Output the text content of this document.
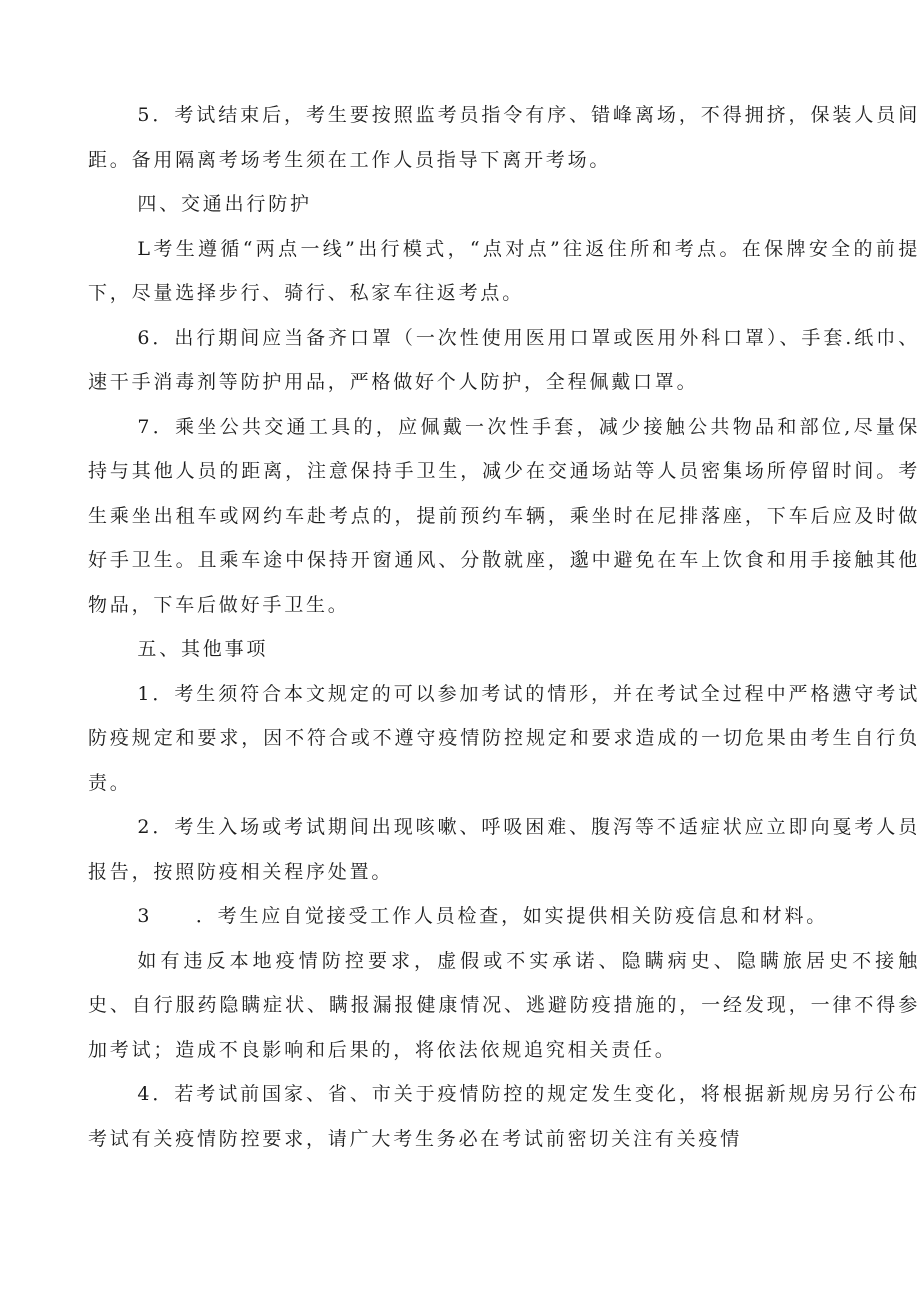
5．考试结束后，考生要按照监考员指令有序、错峰离场，不得拥挤，保装人员间距。备用隔离考场考生须在工作人员指导下离开考场。

四、交通出行防护

L考生遵循“两点一线”出行模式，“点对点”往返住所和考点。在保牌安全的前提下，尽量选择步行、骑行、私家车往返考点。

6．出行期间应当备齐口罩（一次性使用医用口罩或医用外科口罩）、手套.纸巾、速干手消毒剂等防护用品，严格做好个人防护，全程佩戴口罩。

7．乘坐公共交通工具的，应佩戴一次性手套，减少接触公共物品和部位,尽量保持与其他人员的距离，注意保持手卫生，减少在交通场站等人员密集场所停留时间。考生乘坐出租车或网约车赴考点的，提前预约车辆，乘坐时在尼排落座，下车后应及时做好手卫生。且乘车途中保持开窗通风、分散就座，邈中避免在车上饮食和用手接触其他物品，下车后做好手卫生。

五、其他事项

1．考生须符合本文规定的可以参加考试的情形，并在考试全过程中严格懑守考试防疫规定和要求，因不符合或不遵守疫情防控规定和要求造成的一切危果由考生自行负责。

2．考生入场或考试期间出现咳嗽、呼吸困难、腹泻等不适症状应立即向戛考人员报告，按照防疫相关程序处置。

3　　．考生应自觉接受工作人员检查，如实提供相关防疫信息和材料。

如有违反本地疫情防控要求，虚假或不实承诺、隐瞒病史、隐瞒旅居史不接触史、自行服药隐瞒症状、瞒报漏报健康情况、逃避防疫措施的，一经发现，一律不得参加考试；造成不良影响和后果的，将依法依规追究相关责任。

4．若考试前国家、省、市关于疫情防控的规定发生变化，将根据新规房另行公布考试有关疫情防控要求，请广大考生务必在考试前密切关注有关疫情
